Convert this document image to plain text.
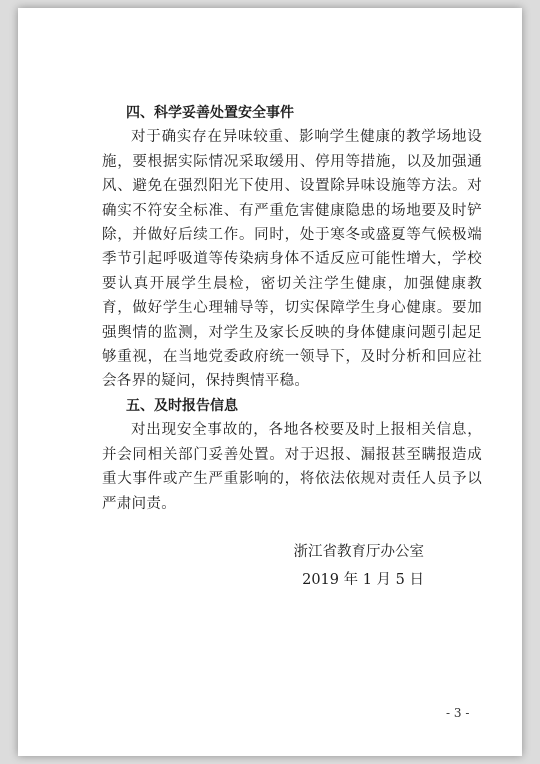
四、科学妥善处置安全事件

对于确实存在异味较重、影响学生健康的教学场地设施，要根据实际情况采取缓用、停用等措施，以及加强通风、避免在强烈阳光下使用、设置除异味设施等方法。对确实不符安全标准、有严重危害健康隐患的场地要及时铲除，并做好后续工作。同时，处于寒冬或盛夏等气候极端季节引起呼吸道等传染病身体不适反应可能性增大，学校要认真开展学生晨检，密切关注学生健康，加强健康教育，做好学生心理辅导等，切实保障学生身心健康。要加强舆情的监测，对学生及家长反映的身体健康问题引起足够重视，在当地党委政府统一领导下，及时分析和回应社会各界的疑问，保持舆情平稳。

五、及时报告信息

对出现安全事故的，各地各校要及时上报相关信息，并会同相关部门妥善处置。对于迟报、漏报甚至瞒报造成重大事件或产生严重影响的，将依法依规对责任人员予以严肃问责。

浙江省教育厅办公室
2019 年 1 月 5 日
- 3 -
